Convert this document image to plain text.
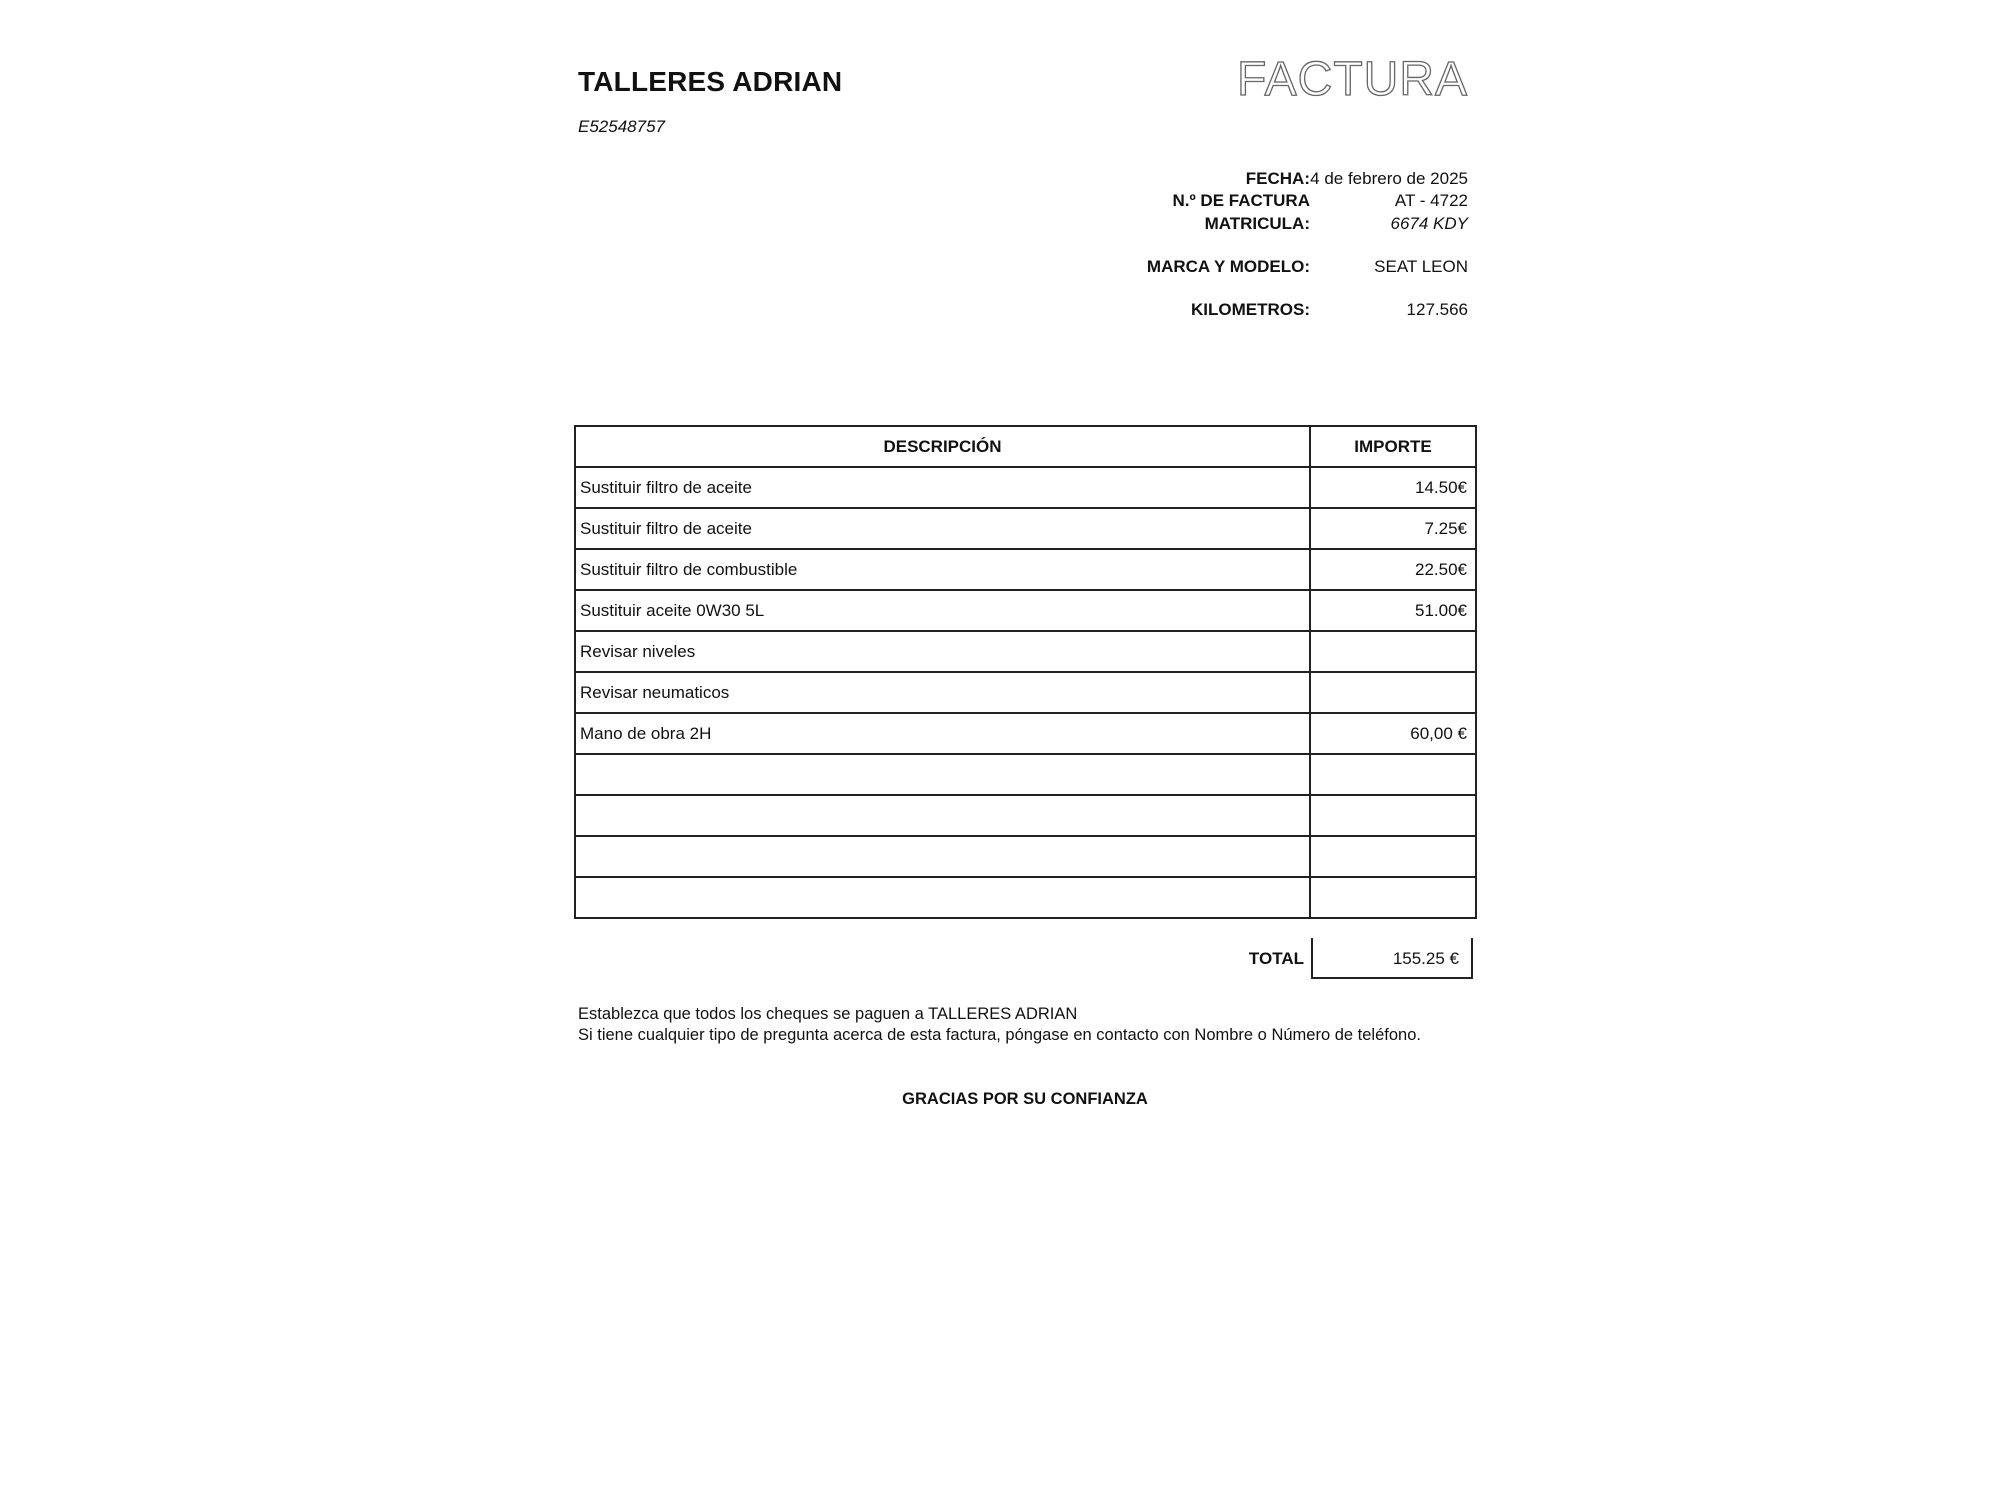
TALLERES ADRIAN
E52548757
FACTURA
FECHA: 4 de febrero de 2025
N.º DE FACTURA	AT - 4722
MATRICULA:	6674 KDY
MARCA Y MODELO:	SEAT LEON
KILOMETROS:	127.566
DESCRIPCIÓN	IMPORTE
Sustituir filtro de aceite	14.50€
Sustituir filtro de aceite	7.25€
Sustituir filtro de combustible	22.50€
Sustituir aceite 0W30 5L	51.00€
Revisar niveles	
Revisar neumaticos	
Mano de obra 2H	60,00 €

TOTAL	155.25 €
Establezca que todos los cheques se paguen a TALLERES ADRIAN
Si tiene cualquier tipo de pregunta acerca de esta factura, póngase en contacto con Nombre o Número de teléfono.
GRACIAS POR SU CONFIANZA
